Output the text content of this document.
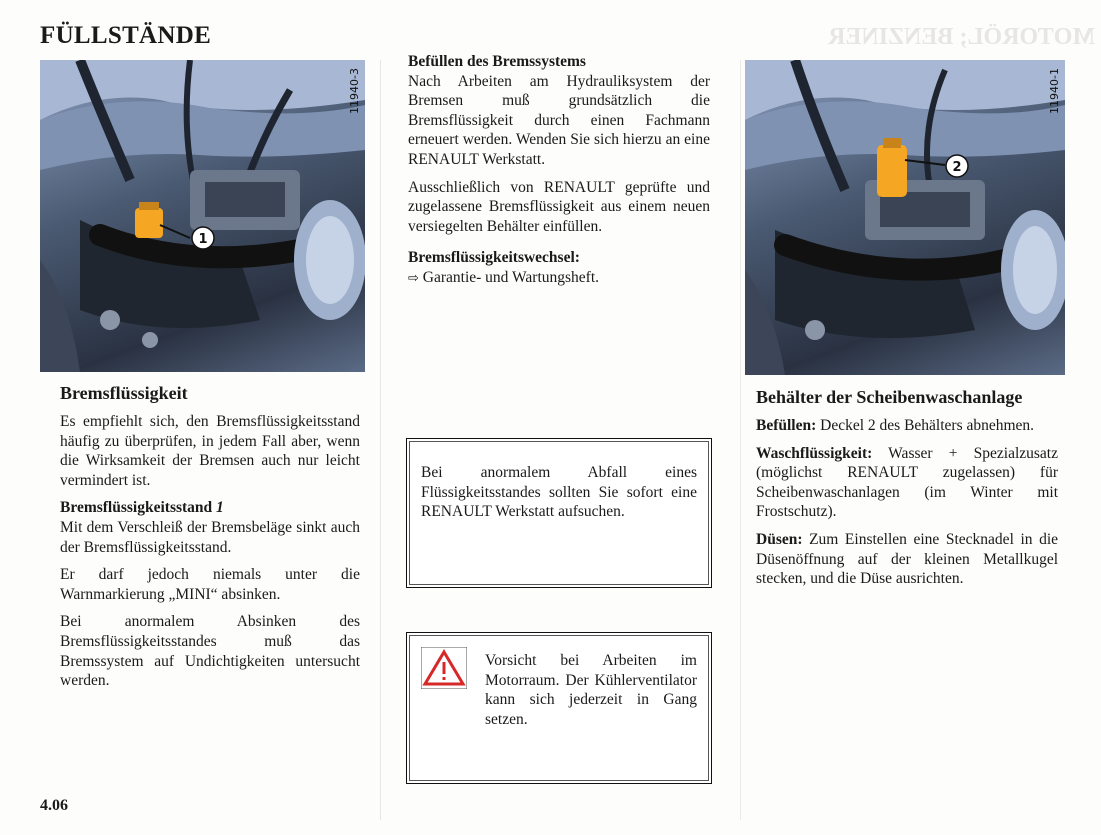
FÜLLSTÄNDE	MOTORÖL; BENZINER
1
11940-3
Bremsflüssigkeit

Es empfiehlt sich, den Bremsflüssigkeitsstand häufig zu überprüfen, in jedem Fall aber, wenn die Wirksamkeit der Bremsen auch nur leicht vermindert ist.

Bremsflüssigkeitsstand 1

Mit dem Verschleiß der Bremsbeläge sinkt auch der Bremsflüssigkeitsstand.

Er darf jedoch niemals unter die Warnmarkierung „MINI“ absinken.

Bei anormalem Absinken des Bremsflüssigkeitsstandes muß das Bremssystem auf Undichtigkeiten untersucht werden.

Befüllen des Bremssystems

Nach Arbeiten am Hydrauliksystem der Bremsen muß grundsätzlich die Bremsflüssigkeit durch einen Fachmann erneuert werden. Wenden Sie sich hierzu an eine RENAULT Werkstatt.

Ausschließlich von RENAULT geprüfte und zugelassene Bremsflüssigkeit aus einem neuen versiegelten Behälter einfüllen.

Bremsflüssigkeitswechsel:

⇨ Garantie- und Wartungsheft.

Bei anormalem Abfall eines Flüssigkeitsstandes sollten Sie sofort eine RENAULT Werkstatt aufsuchen.

Vorsicht bei Arbeiten im Motorraum. Der Kühlerventilator kann sich jederzeit in Gang setzen.

2
11940-1
Behälter der Scheibenwaschanlage

Befüllen: Deckel 2 des Behälters abnehmen.

Waschflüssigkeit: Wasser + Spezialzusatz (möglichst RENAULT zugelassen) für Scheibenwaschanlagen (im Winter mit Frostschutz).

Düsen: Zum Einstellen eine Stecknadel in die Düsenöffnung auf der kleinen Metallkugel stecken, und die Düse ausrichten.

4.06
